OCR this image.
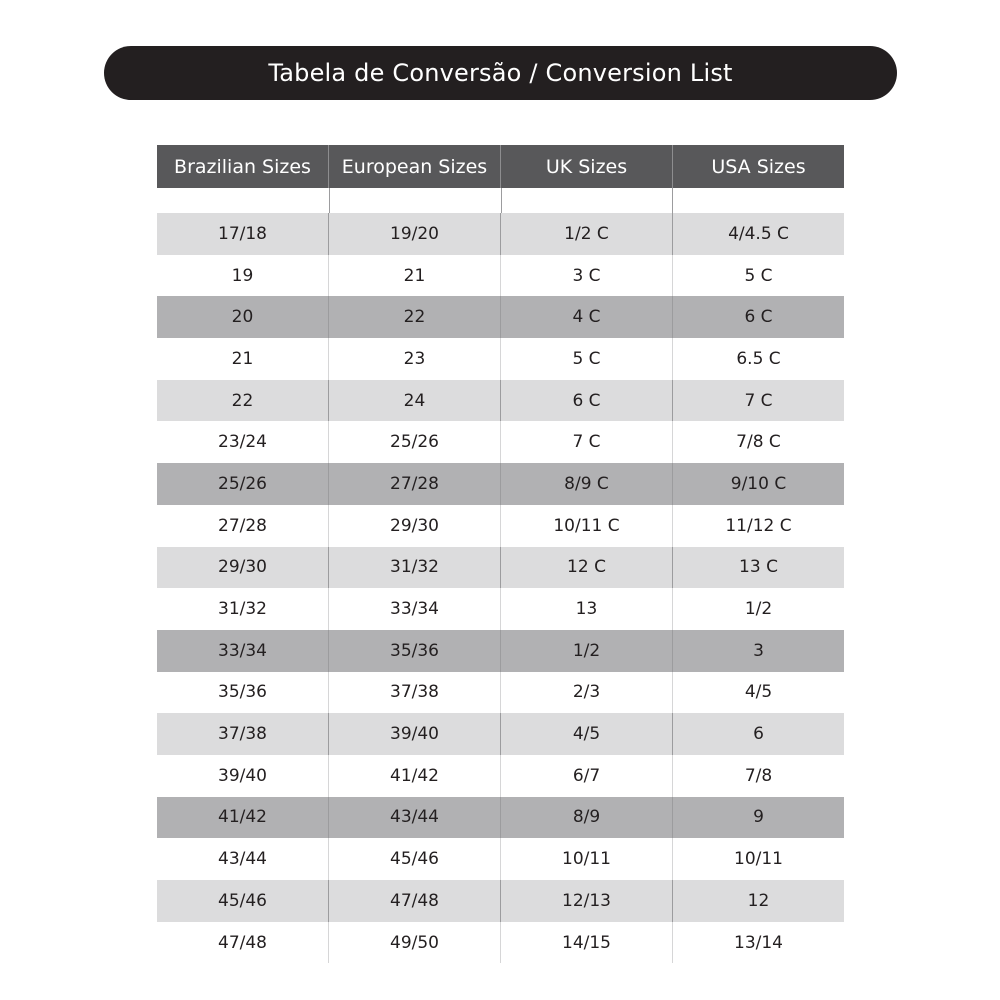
Tabela de Conversão / Conversion List
Brazilian Sizes	European Sizes	UK Sizes	USA Sizes
17/18	19/20	1/2 C	4/4.5 C
19	21	3 C	5 C
20	22	4 C	6 C
21	23	5 C	6.5 C
22	24	6 C	7 C
23/24	25/26	7 C	7/8 C
25/26	27/28	8/9 C	9/10 C
27/28	29/30	10/11 C	11/12 C
29/30	31/32	12 C	13 C
31/32	33/34	13	1/2
33/34	35/36	1/2	3
35/36	37/38	2/3	4/5
37/38	39/40	4/5	6
39/40	41/42	6/7	7/8
41/42	43/44	8/9	9
43/44	45/46	10/11	10/11
45/46	47/48	12/13	12
47/48	49/50	14/15	13/14
